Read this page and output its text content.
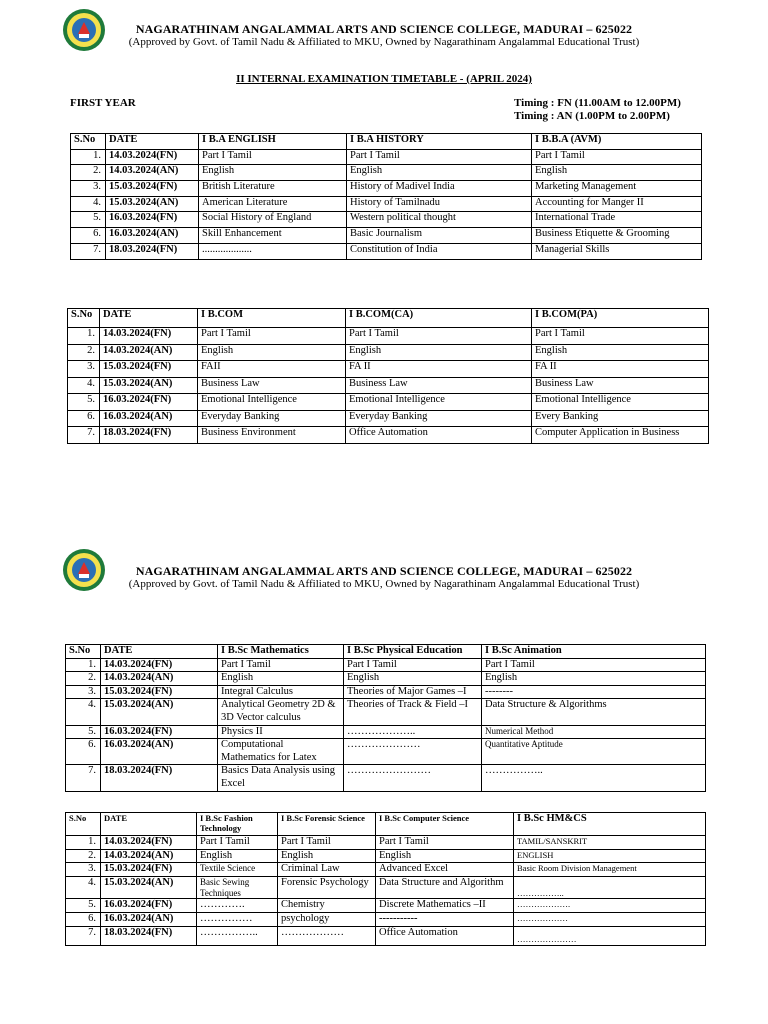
NAGARATHINAM ANGALAMMAL ARTS AND SCIENCE COLLEGE, MADURAI – 625022
(Approved by Govt. of Tamil Nadu & Affiliated to MKU, Owned by Nagarathinam Angalammal Educational Trust)
II INTERNAL EXAMINATION TIMETABLE - (APRIL 2024)
FIRST YEAR	Timing : FN (11.00AM to 12.00PM)
Timing : AN (1.00PM to 2.00PM)
S.No	DATE	I B.A ENGLISH	I B.A HISTORY	I B.B.A (AVM)
1.	14.03.2024(FN)	Part I Tamil	Part I Tamil	Part I Tamil
2.	14.03.2024(AN)	English	English	English
3.	15.03.2024(FN)	British Literature	History of Madivel India	Marketing Management
4.	15.03.2024(AN)	American Literature	History of Tamilnadu	Accounting for Manger II
5.	16.03.2024(FN)	Social History of England	Western political thought	International Trade
6.	16.03.2024(AN)	Skill Enhancement	Basic Journalism	Business Etiquette & Grooming
7.	18.03.2024(FN)	...................	Constitution of India	Managerial Skills
S.No	DATE	I B.COM	I B.COM(CA)	I B.COM(PA)
1.	14.03.2024(FN)	Part I Tamil	Part I Tamil	Part I Tamil
2.	14.03.2024(AN)	English	English	English
3.	15.03.2024(FN)	FAII	FA II	FA II
4.	15.03.2024(AN)	Business Law	Business Law	Business Law
5.	16.03.2024(FN)	Emotional Intelligence	Emotional Intelligence	Emotional Intelligence
6.	16.03.2024(AN)	Everyday Banking	Everyday Banking	Every Banking
7.	18.03.2024(FN)	Business Environment	Office Automation	Computer Application in Business
NAGARATHINAM ANGALAMMAL ARTS AND SCIENCE COLLEGE, MADURAI – 625022
(Approved by Govt. of Tamil Nadu & Affiliated to MKU, Owned by Nagarathinam Angalammal Educational Trust)
S.No	DATE	I B.Sc Mathematics	I B.Sc Physical Education	I B.Sc Animation
1.	14.03.2024(FN)	Part I Tamil	Part I Tamil	Part I Tamil
2.	14.03.2024(AN)	English	English	English
3.	15.03.2024(FN)	Integral Calculus	Theories of Major Games –I	--------
4.	15.03.2024(AN)	Analytical Geometry 2D & 3D Vector calculus	Theories of Track & Field –I	Data Structure & Algorithms
5.	16.03.2024(FN)	Physics II	………………..	Numerical Method
6.	16.03.2024(AN)	Computational Mathematics for Latex	…………………	Quantitative Aptitude
7.	18.03.2024(FN)	Basics Data Analysis using Excel	……………………	……………..
S.No	DATE	I B.Sc Fashion Technology	I B.Sc Forensic Science	I B.Sc Computer Science	I B.Sc HM&CS
1.	14.03.2024(FN)	Part I Tamil	Part I Tamil	Part I Tamil	TAMIL/SANSKRIT
2.	14.03.2024(AN)	English	English	English	ENGLISH
3.	15.03.2024(FN)	Textile Science	Criminal Law	Advanced Excel	Basic Room Division Management
4.	15.03.2024(AN)	Basic Sewing Techniques	Forensic Psychology	Data Structure and Algorithm	……………..
5.	16.03.2024(FN)	………….	Chemistry	Discrete Mathematics –II	……………….
6.	16.03.2024(AN)	……………	psychology	-----------	………………
7.	18.03.2024(FN)	……………..	………………	Office Automation	…………………
